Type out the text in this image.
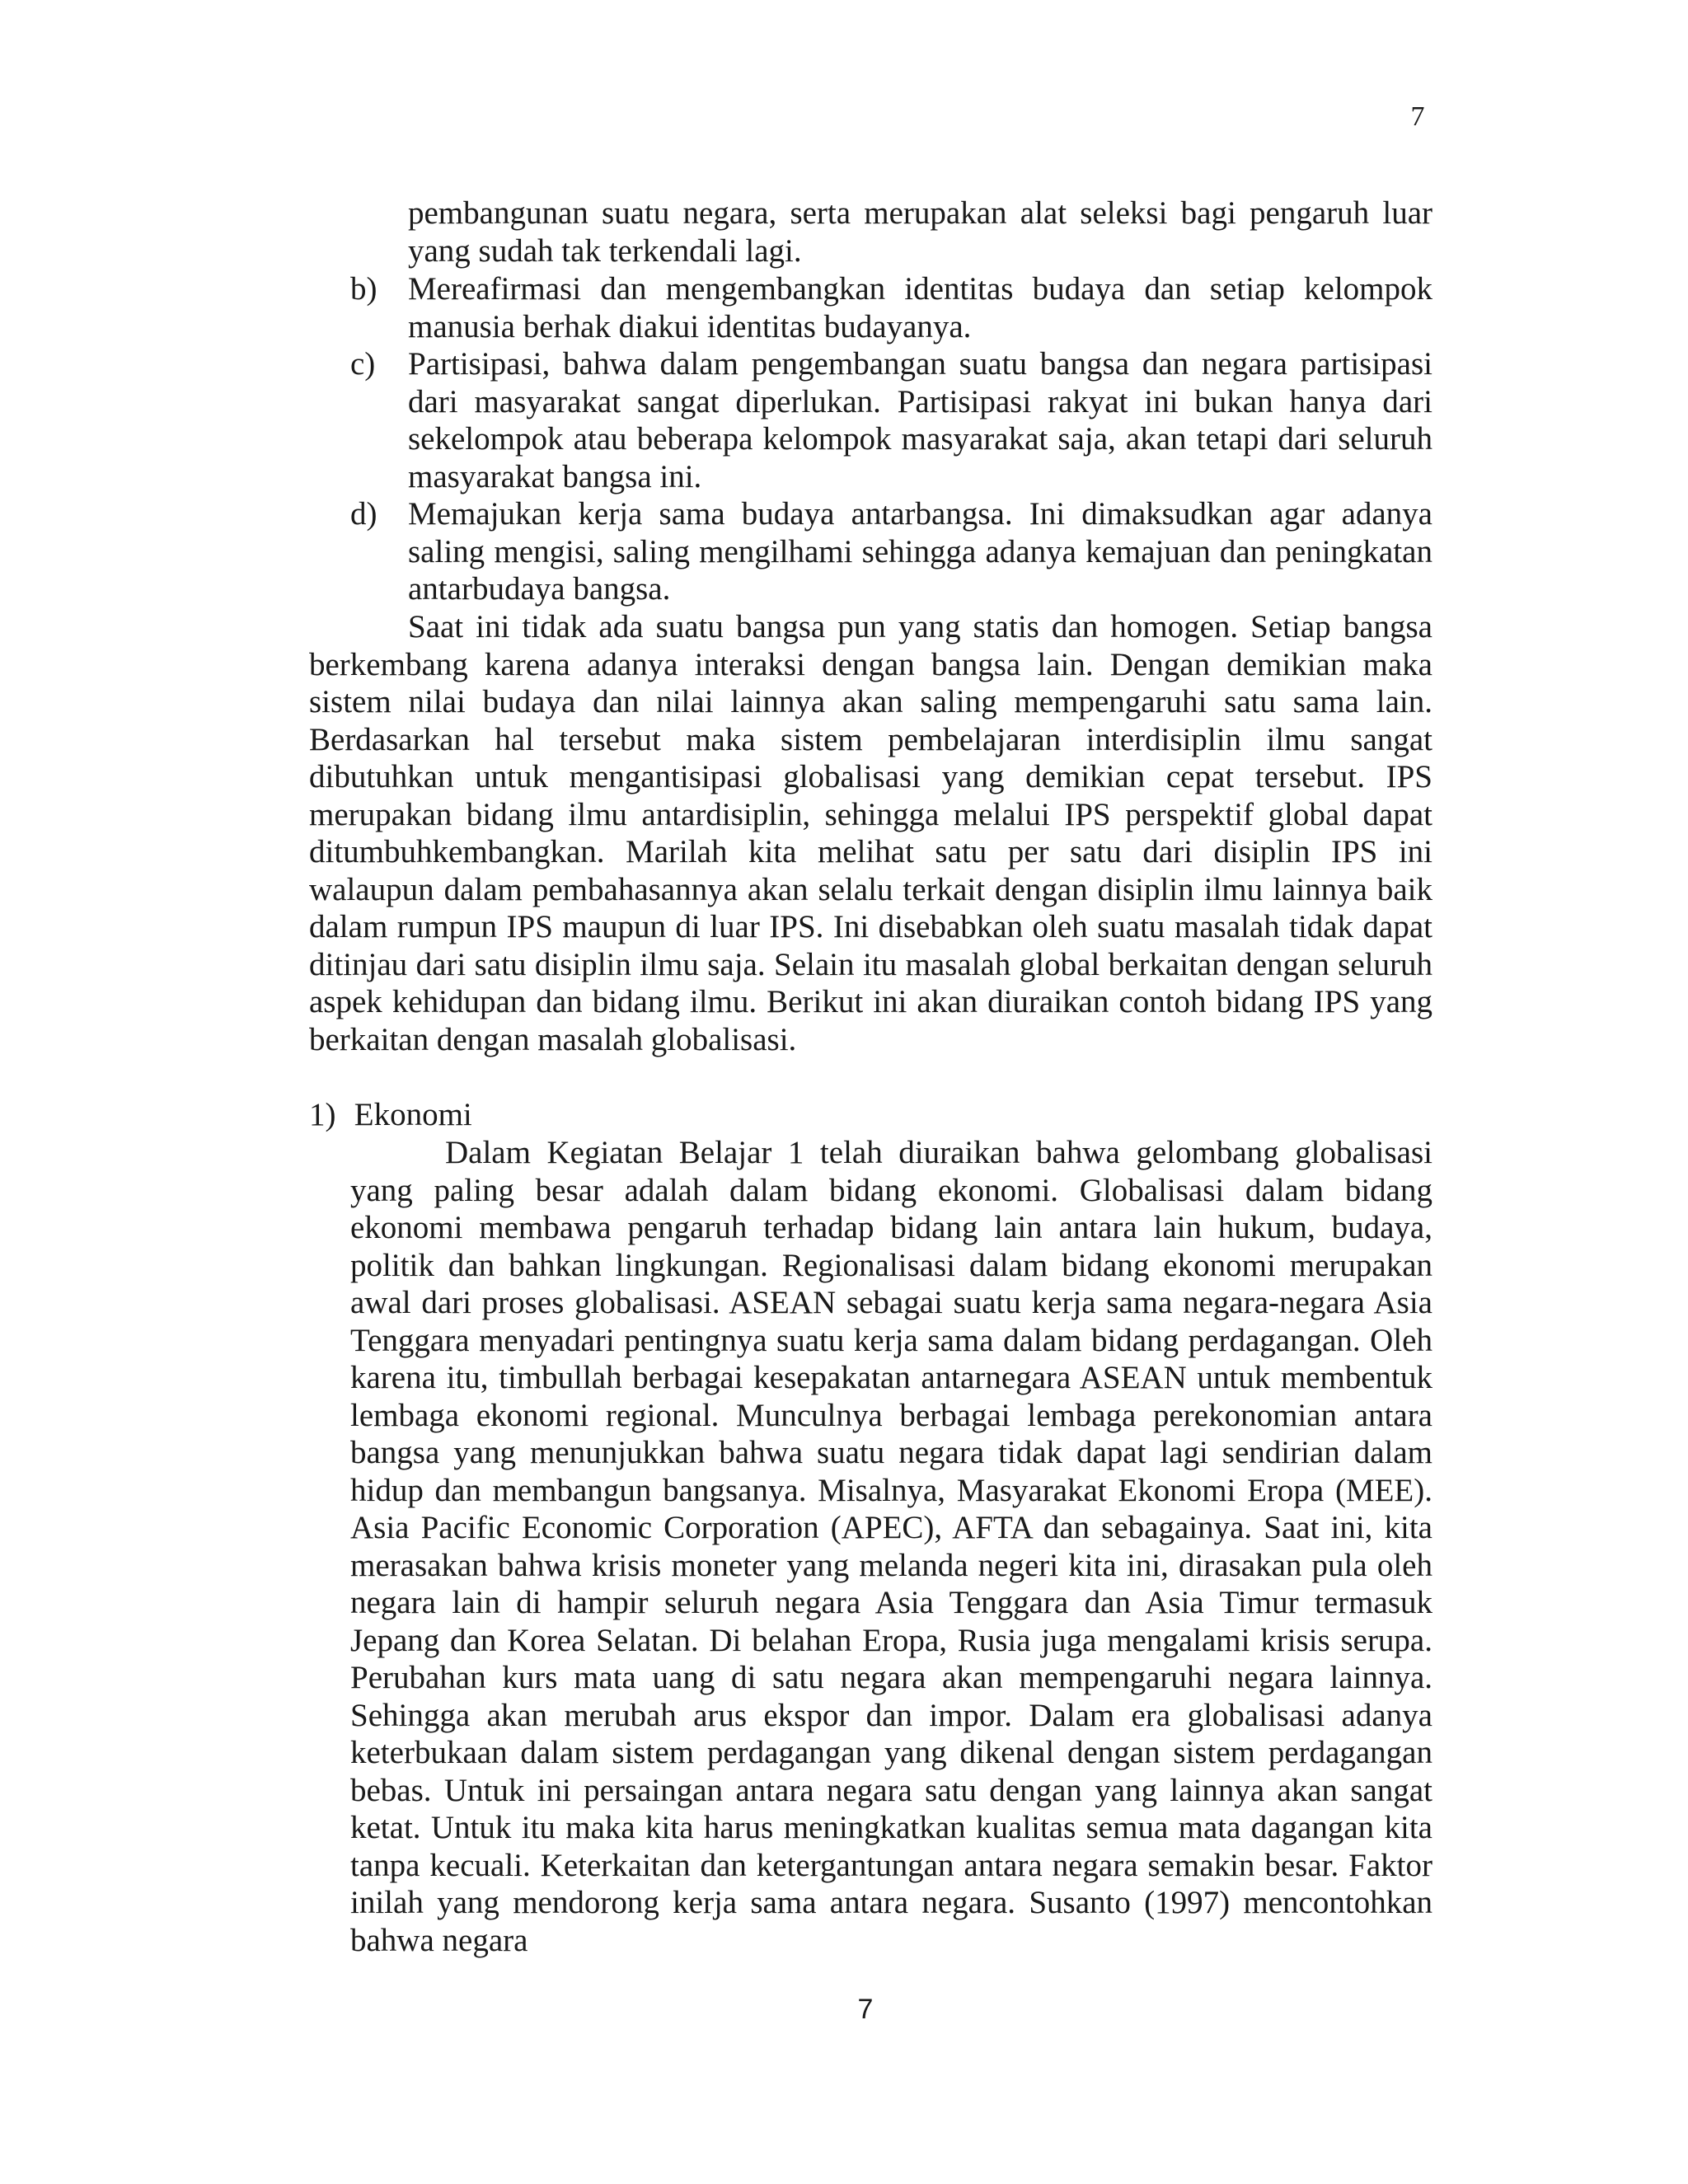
7

pembangunan suatu negara, serta merupakan alat seleksi bagi pengaruh luar yang sudah tak terkendali lagi.

b) Mereafirmasi dan mengembangkan identitas budaya dan setiap kelompok manusia berhak diakui identitas budayanya.
c) Partisipasi, bahwa dalam pengembangan suatu bangsa dan negara partisipasi dari masyarakat sangat diperlukan. Partisipasi rakyat ini bukan hanya dari sekelompok atau beberapa kelompok masyarakat saja, akan tetapi dari seluruh masyarakat bangsa ini.
d) Memajukan kerja sama budaya antarbangsa. Ini dimaksudkan agar adanya saling mengisi, saling mengilhami sehingga adanya kemajuan dan peningkatan antarbudaya bangsa.

Saat ini tidak ada suatu bangsa pun yang statis dan homogen. Setiap bangsa berkembang karena adanya interaksi dengan bangsa lain. Dengan demikian maka sistem nilai budaya dan nilai lainnya akan saling mempengaruhi satu sama lain. Berdasarkan hal tersebut maka sistem pembelajaran interdisiplin ilmu sangat dibutuhkan untuk mengantisipasi globalisasi yang demikian cepat tersebut. IPS merupakan bidang ilmu antardisiplin, sehingga melalui IPS perspektif global dapat ditumbuhkembangkan. Marilah kita melihat satu per satu dari disiplin IPS ini walaupun dalam pembahasannya akan selalu terkait dengan disiplin ilmu lainnya baik dalam rumpun IPS maupun di luar IPS. Ini disebabkan oleh suatu masalah tidak dapat ditinjau dari satu disiplin ilmu saja. Selain itu masalah global berkaitan dengan seluruh aspek kehidupan dan bidang ilmu. Berikut ini akan diuraikan contoh bidang IPS yang berkaitan dengan masalah globalisasi.

1) Ekonomi

Dalam Kegiatan Belajar 1 telah diuraikan bahwa gelombang globalisasi yang paling besar adalah dalam bidang ekonomi. Globalisasi dalam bidang ekonomi membawa pengaruh terhadap bidang lain antara lain hukum, budaya, politik dan bahkan lingkungan. Regionalisasi dalam bidang ekonomi merupakan awal dari proses globalisasi. ASEAN sebagai suatu kerja sama negara-negara Asia Tenggara menyadari pentingnya suatu kerja sama dalam bidang perdagangan. Oleh karena itu, timbullah berbagai kesepakatan antarnegara ASEAN untuk membentuk lembaga ekonomi regional. Munculnya berbagai lembaga perekonomian antara bangsa yang menunjukkan bahwa suatu negara tidak dapat lagi sendirian dalam hidup dan membangun bangsanya. Misalnya, Masyarakat Ekonomi Eropa (MEE). Asia Pacific Economic Corporation (APEC), AFTA dan sebagainya. Saat ini, kita merasakan bahwa krisis moneter yang melanda negeri kita ini, dirasakan pula oleh negara lain di hampir seluruh negara Asia Tenggara dan Asia Timur termasuk Jepang dan Korea Selatan. Di belahan Eropa, Rusia juga mengalami krisis serupa. Perubahan kurs mata uang di satu negara akan mempengaruhi negara lainnya. Sehingga akan merubah arus ekspor dan impor. Dalam era globalisasi adanya keterbukaan dalam sistem perdagangan yang dikenal dengan sistem perdagangan bebas. Untuk ini persaingan antara negara satu dengan yang lainnya akan sangat ketat. Untuk itu maka kita harus meningkatkan kualitas semua mata dagangan kita tanpa kecuali. Keterkaitan dan ketergantungan antara negara semakin besar. Faktor inilah yang mendorong kerja sama antara negara. Susanto (1997) mencontohkan bahwa negara

7
